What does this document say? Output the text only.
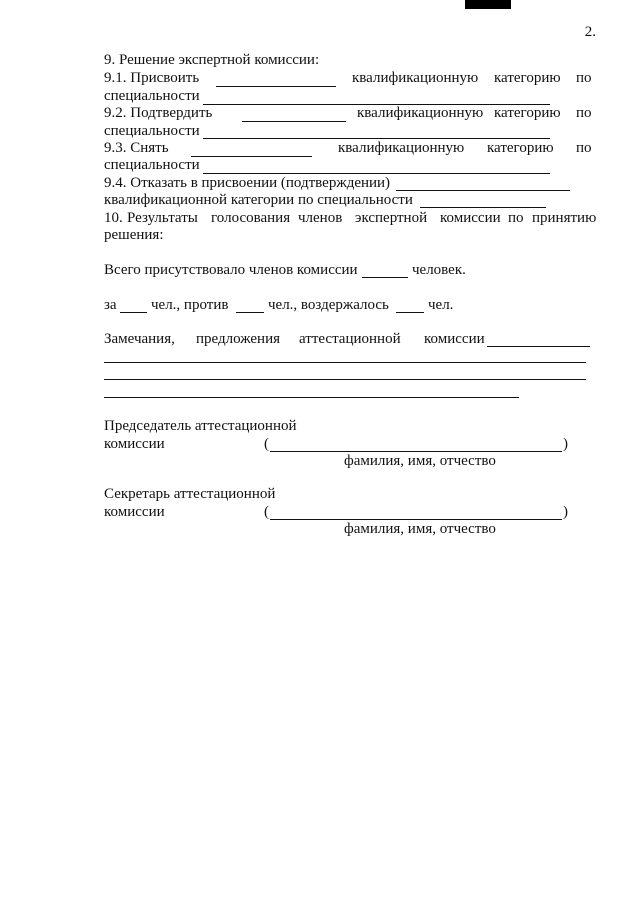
2.
9. Решение экспертной комиссии:
9.1. Присвоить	квалификационную категорию по
специальности
9.2. Подтвердить	квалификационную категорию по
специальности
9.3. Снять	квалификационную категорию по
специальности
9.4. Отказать в присвоении (подтверждении)
квалификационной категории по специальности
10. Результаты голосования членов экспертной комиссии по принятию
решения:
Всего присутствовало членов комиссии	человек.
за чел., против	чел., воздержалось	чел.
Замечания, предложения аттестационной комиссии
Председатель аттестационной
комиссии	(	)
фамилия, имя, отчество
Секретарь аттестационной
комиссии	(	)
фамилия, имя, отчество
